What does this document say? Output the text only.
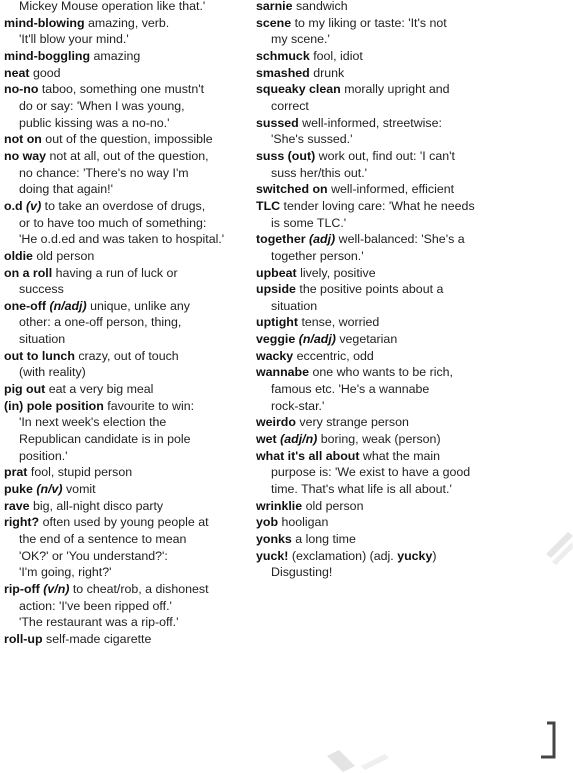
Mickey Mouse operation like that.'
mind-blowing amazing, verb.
'It'll blow your mind.'
mind-boggling amazing
neat good
no-no taboo, something one mustn't
do or say: 'When I was young,
public kissing was a no-no.'
not on out of the question, impossible
no way not at all, out of the question,
no chance: 'There's no way I'm
doing that again!'
o.d (v) to take an overdose of drugs,
or to have too much of something:
'He o.d.ed and was taken to hospital.'
oldie old person
on a roll having a run of luck or
success
one-off (n/adj) unique, unlike any
other: a one-off person, thing,
situation
out to lunch crazy, out of touch
(with reality)
pig out eat a very big meal
(in) pole position favourite to win:
'In next week's election the
Republican candidate is in pole
position.'
prat fool, stupid person
puke (n/v) vomit
rave big, all-night disco party
right? often used by young people at
the end of a sentence to mean
'OK?' or 'You understand?':
'I'm going, right?'
rip-off (v/n) to cheat/rob, a dishonest
action: 'I've been ripped off.'
'The restaurant was a rip-off.'
roll-up self-made cigarette
sarnie sandwich
scene to my liking or taste: 'It's not
my scene.'
schmuck fool, idiot
smashed drunk
squeaky clean morally upright and
correct
sussed well-informed, streetwise:
'She's sussed.'
suss (out) work out, find out: 'I can't
suss her/this out.'
switched on well-informed, efficient
TLC tender loving care: 'What he needs
is some TLC.'
together (adj) well-balanced: 'She's a
together person.'
upbeat lively, positive
upside the positive points about a
situation
uptight tense, worried
veggie (n/adj) vegetarian
wacky eccentric, odd
wannabe one who wants to be rich,
famous etc. 'He's a wannabe
rock-star.'
weirdo very strange person
wet (adj/n) boring, weak (person)
what it's all about what the main
purpose is: 'We exist to have a good
time. That's what life is all about.'
wrinklie old person
yob hooligan
yonks a long time
yuck! (exclamation) (adj. yucky)
Disgusting!
